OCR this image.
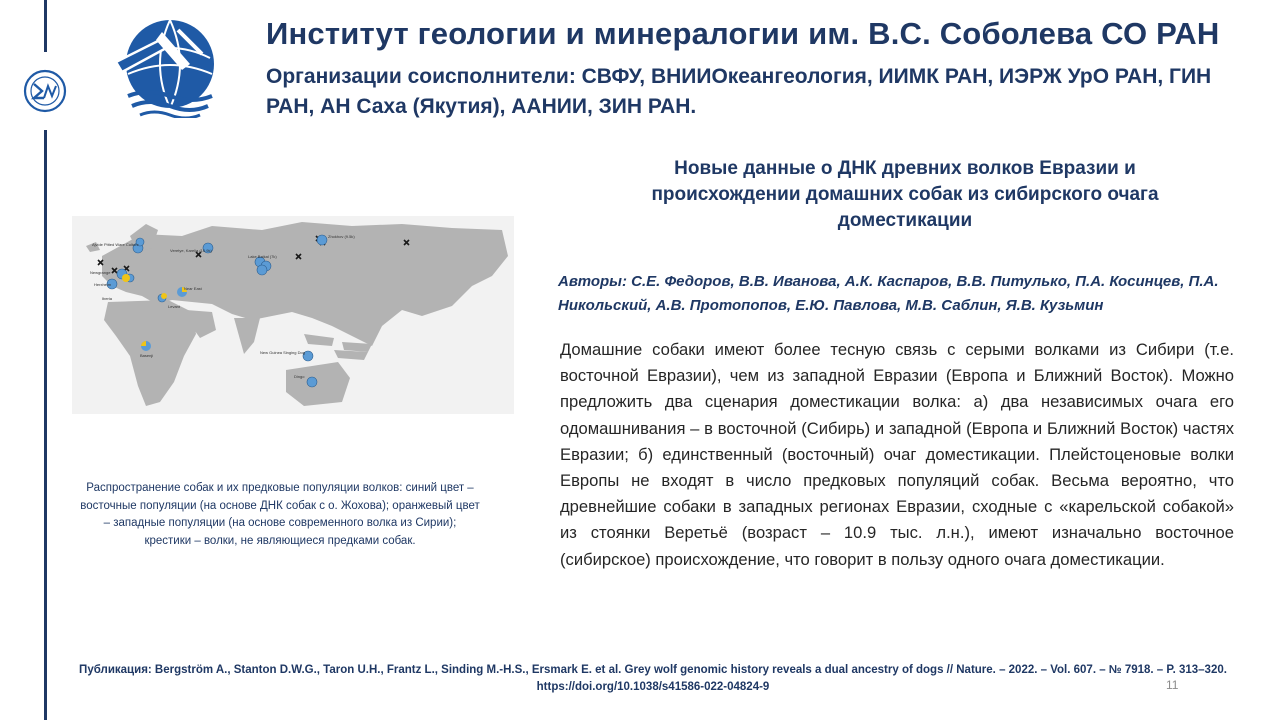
Институт геологии и минералогии им. В.С. Соболева СО РАН
Организации соисполнители: СВФУ, ВНИИОкеангеология, ИИМК РАН, ИЭРЖ УрО РАН, ГИН РАН, АН Саха (Якутия), ААНИИ, ЗИН РАН.
Новые данные о ДНК древних волков Евразии и происхождении домашних собак из сибирского очага доместикации
Авторы: С.Е. Федоров, В.В. Иванова, А.К. Каспаров, В.В. Питулько, П.А. Косинцев, П.А. Никольский, А.В. Протопопов, Е.Ю. Павлова, М.В. Саблин, Я.В. Кузьмин
Домашние собаки имеют более тесную связь с серыми волками из Сибири (т.е. восточной Евразии), чем из западной Евразии (Европа и Ближний Восток). Можно предложить два сценария доместикации волка: а) два независимых очага его одомашнивания – в восточной (Сибирь) и западной (Европа и Ближний Восток) частях Евразии; б) единственный (восточный) очаг доместикации. Плейстоценовые волки Европы не входят в число предковых популяций собак. Весьма вероятно, что древнейшие собаки в западных регионах Евразии, сходные с «карельской собакой» из стоянки Веретьё (возраст – 10.9 тыс. л.н.), имеют изначально восточное (сибирское) происхождение, что говорит в пользу одного очага доместикации.
Zhokhov (9.5k)
Lake Baikal (7k)
Veretye, Karelia (10.9k)
Ajvide Pitted Ware Culture
Newgrange
Herxheim
Iberia
Levant
Near East
Basenji
New Guinea Singing Dog
Dingo
Распространение собак и их предковые популяции волков: синий цвет – восточные популяции (на основе ДНК собак с о. Жохова); оранжевый цвет – западные популяции (на основе современного волка из Сирии); крестики – волки, не являющиеся предками собак.
Публикация: Bergström A., Stanton D.W.G., Taron U.H., Frantz L., Sinding M.-H.S., Ersmark E. et al. Grey wolf genomic history reveals a dual ancestry of dogs // Nature. – 2022. – Vol. 607. – № 7918. – P. 313–320. https://doi.org/10.1038/s41586-022-04824-9	11
